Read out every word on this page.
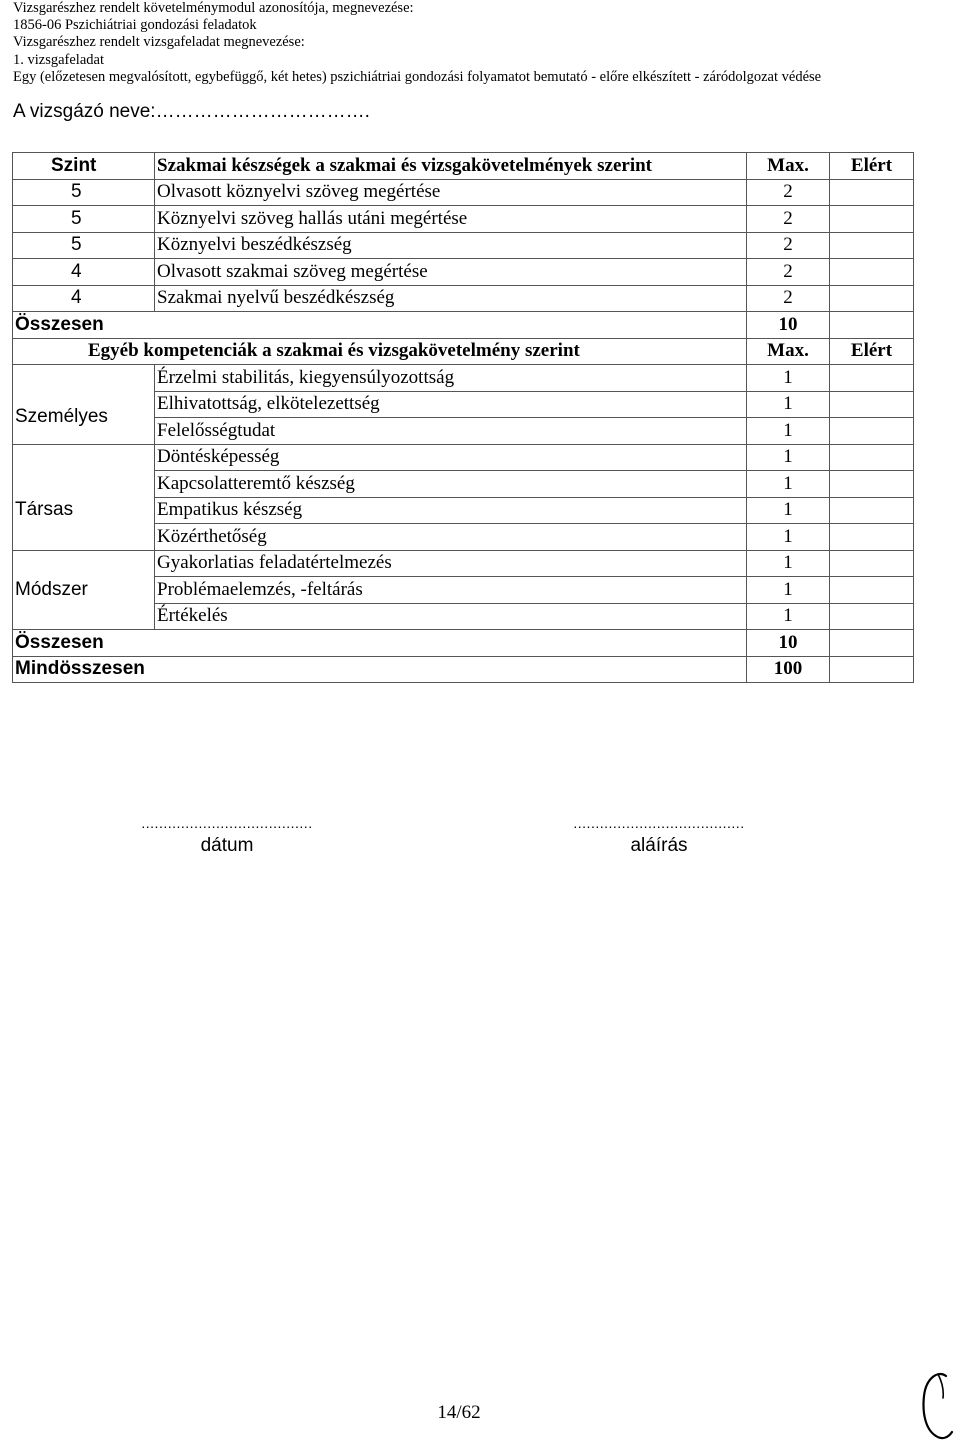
Vizsgarészhez rendelt követelménymodul azonosítója, megnevezése:
1856-06 Pszichiátriai gondozási feladatok
Vizsgarészhez rendelt vizsgafeladat megnevezése:
1. vizsgafeladat
Egy (előzetesen megvalósított, egybefüggő, két hetes) pszichiátriai gondozási folyamatot bemutató - előre elkészített - záródolgozat védése
A vizsgázó neve:…………………………….
Szint	Szakmai készségek a szakmai és vizsgakövetelmények szerint	Max.	Elért
5	Olvasott köznyelvi szöveg megértése	2	
5	Köznyelvi szöveg hallás utáni megértése	2	
5	Köznyelvi beszédkészség	2	
4	Olvasott szakmai szöveg megértése	2	
4	Szakmai nyelvű beszédkészség	2	
Összesen		10	
Egyéb kompetenciák a szakmai és vizsgakövetelmény szerint		Max.	Elért
	Érzelmi stabilitás, kiegyensúlyozottság	1	
Személyes	Elhivatottság, elkötelezettség	1	
	Felelősségtudat	1	
	Döntésképesség	1	
	Kapcsolatteremtő készség	1	
Társas	Empatikus készség	1	
	Közérthetőség	1	
	Gyakorlatias feladatértelmezés	1	
Módszer	Problémaelemzés, -feltárás	1	
	Értékelés	1	
Összesen		10	
Mindösszesen		100	
.......................................
dátum
.......................................
aláírás
14/62
